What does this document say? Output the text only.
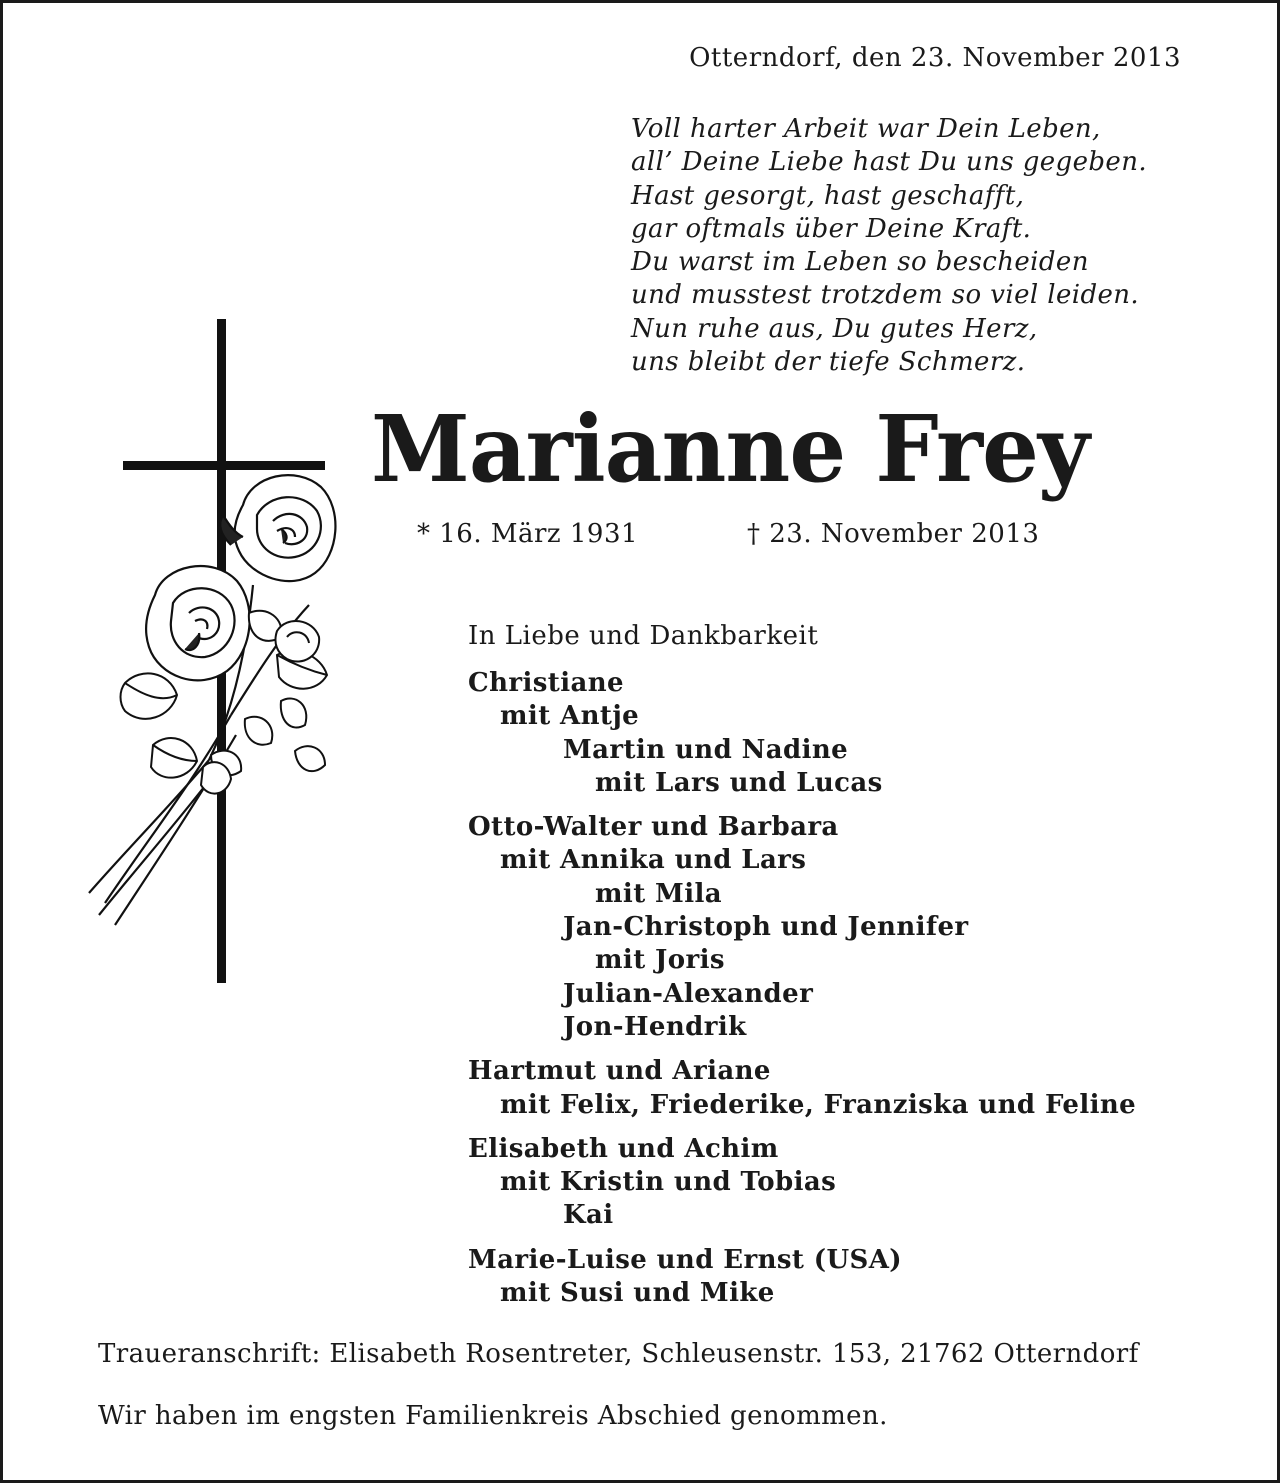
Otterndorf, den 23. November 2013
Voll harter Arbeit war Dein Leben,
all’ Deine Liebe hast Du uns gegeben.
Hast gesorgt, hast geschafft,
gar oftmals über Deine Kraft.
Du warst im Leben so bescheiden
und musstest trotzdem so viel leiden.
Nun ruhe aus, Du gutes Herz,
uns bleibt der tiefe Schmerz.
Marianne Frey
* 16. März 1931	† 23. November 2013
In Liebe und Dankbarkeit
Christiane
mit Antje
Martin und Nadine
mit Lars und Lucas
Otto-Walter und Barbara
mit Annika und Lars
mit Mila
Jan-Christoph und Jennifer
mit Joris
Julian-Alexander
Jon-Hendrik
Hartmut und Ariane
mit Felix, Friederike, Franziska und Feline
Elisabeth und Achim
mit Kristin und Tobias
Kai
Marie-Luise und Ernst (USA)
mit Susi und Mike
Traueranschrift: Elisabeth Rosentreter, Schleusenstr. 153, 21762 Otterndorf
Wir haben im engsten Familienkreis Abschied genommen.
